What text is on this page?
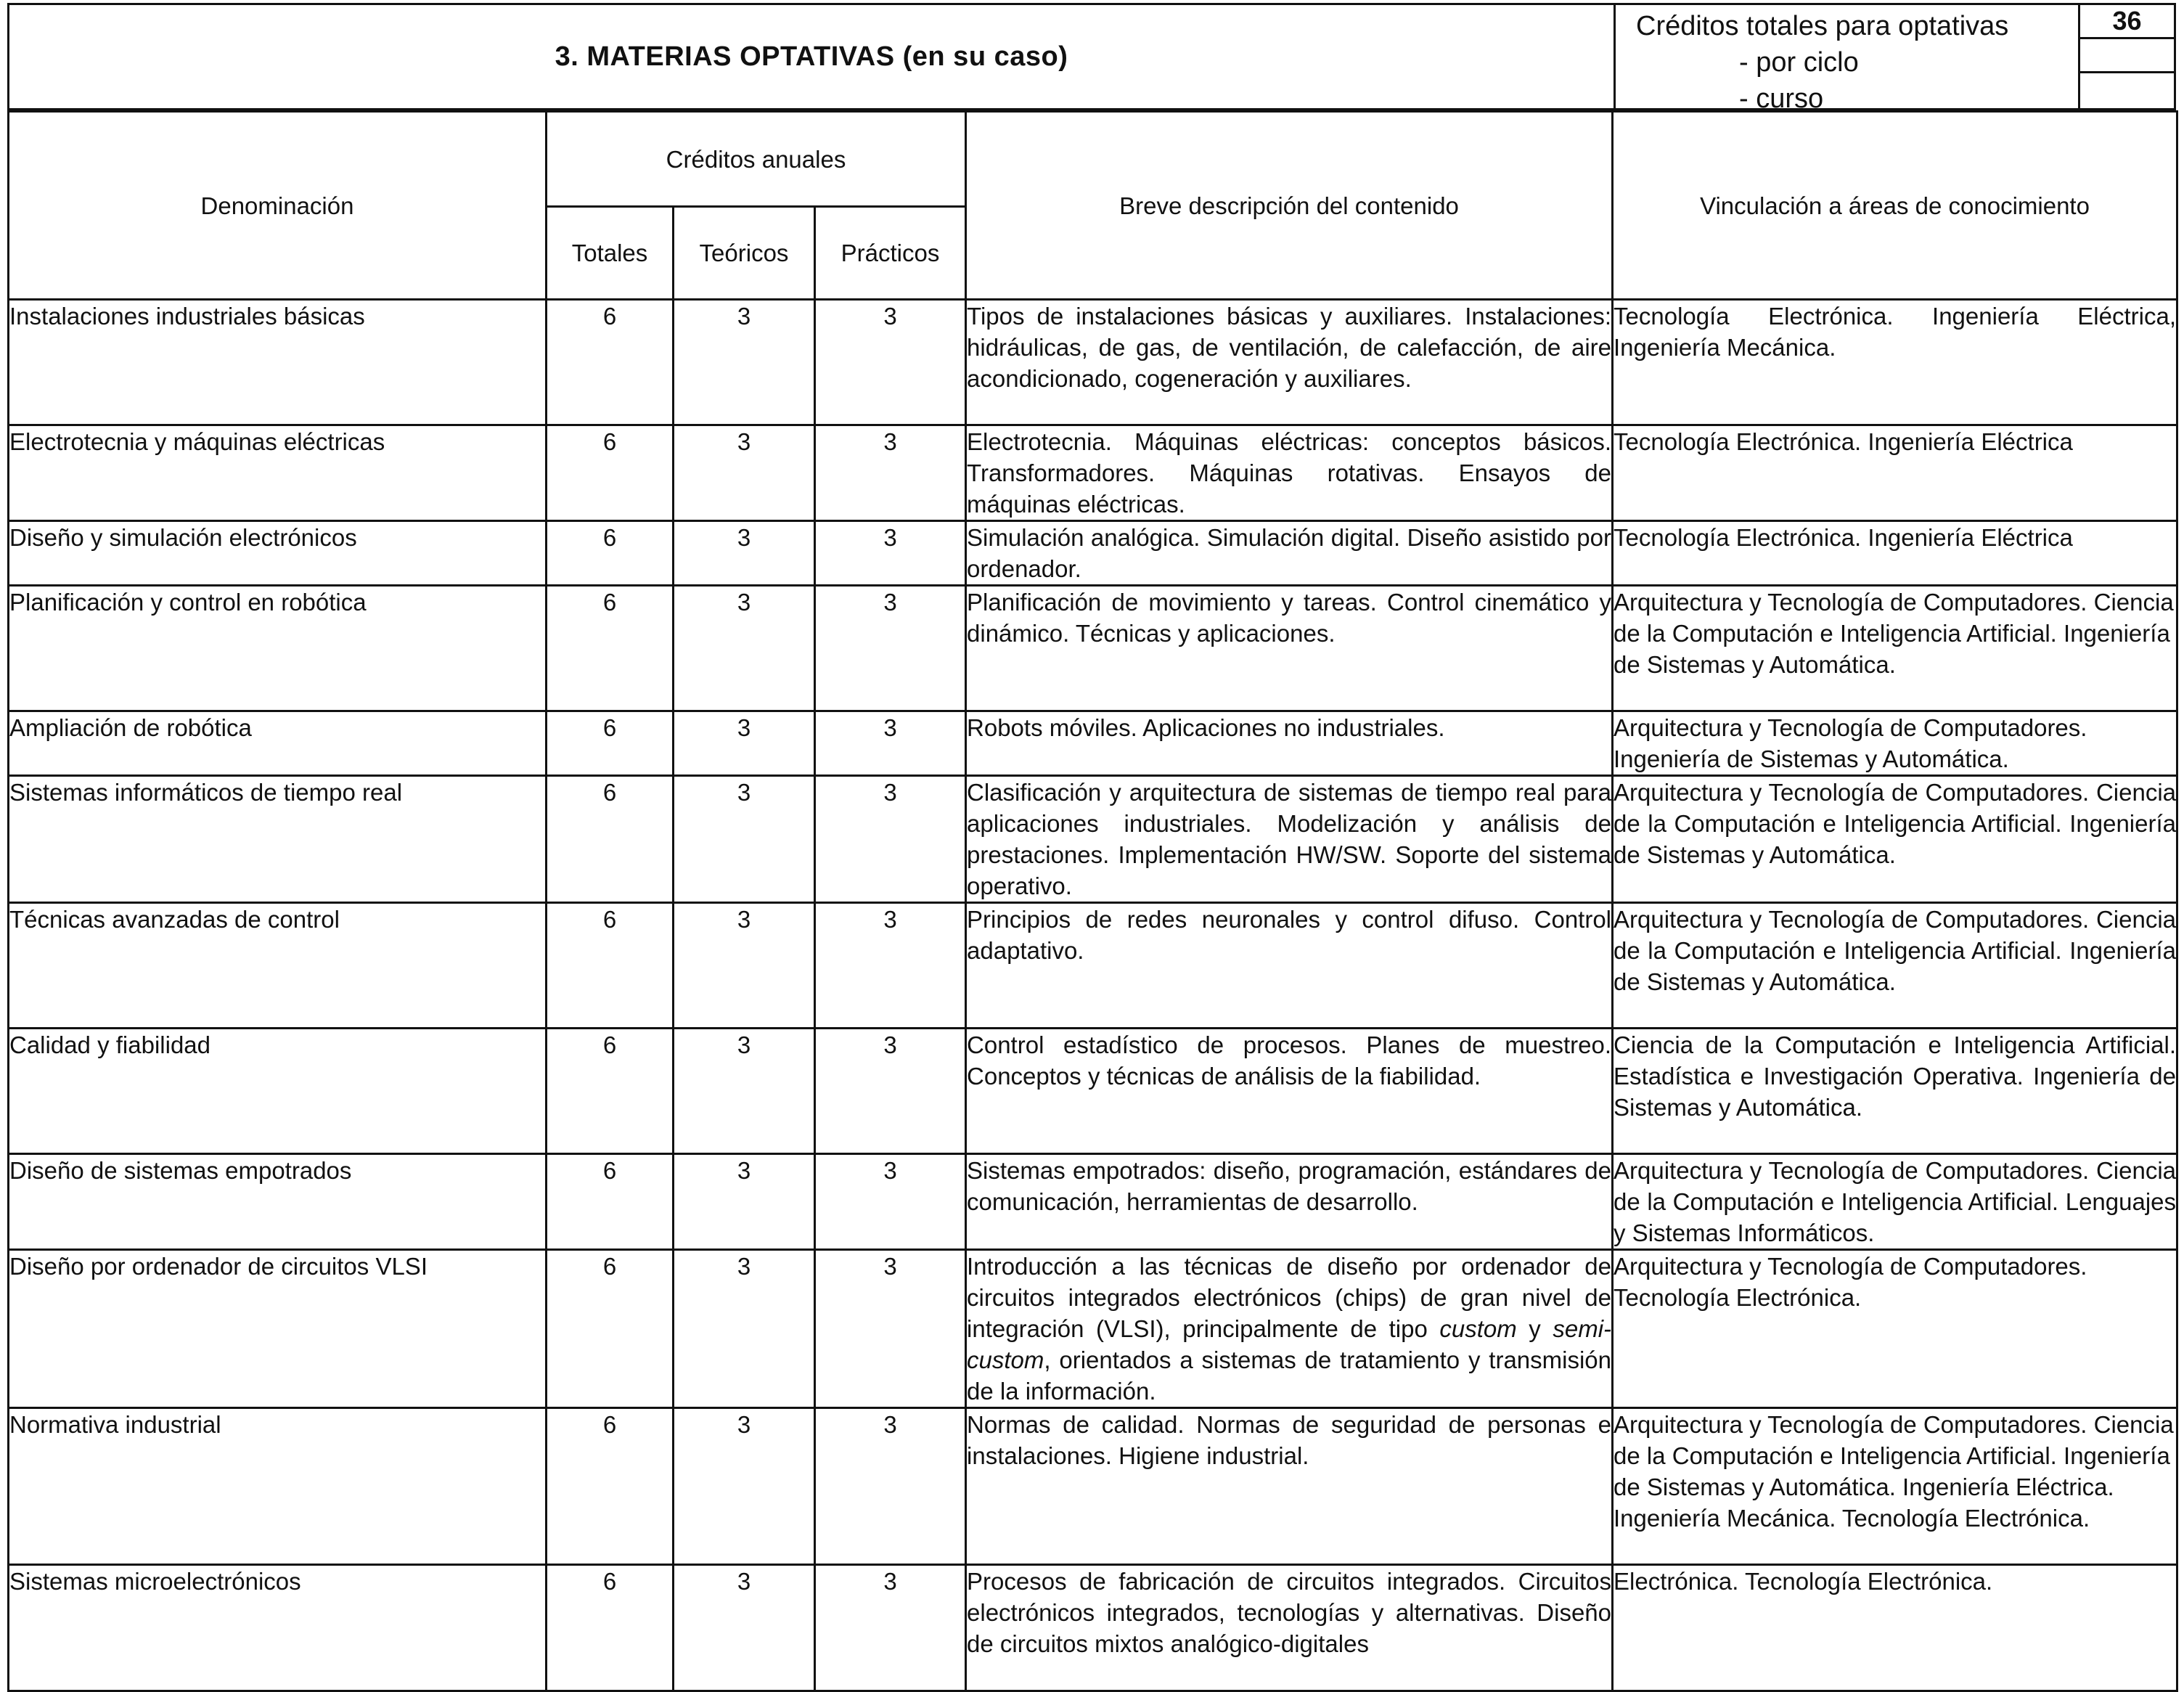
3. MATERIAS OPTATIVAS (en su caso)
Créditos totales para optativas
- por ciclo
- curso
36
Denominación	Créditos anuales			Breve descripción del contenido	Vinculación a áreas de conocimiento
	Totales	Teóricos	Prácticos		
Instalaciones industriales básicas	6	3	3	Tipos de instalaciones básicas y auxiliares. Instalaciones: hidráulicas, de gas, de ventilación, de calefacción, de aire acondicionado, cogeneración y auxiliares.	Tecnología Electrónica. Ingeniería Eléctrica, Ingeniería Mecánica.
Electrotecnia y máquinas eléctricas	6	3	3	Electrotecnia. Máquinas eléctricas: conceptos básicos. Transformadores. Máquinas rotativas. Ensayos de máquinas eléctricas.	Tecnología Electrónica. Ingeniería Eléctrica
Diseño y simulación electrónicos	6	3	3	Simulación analógica. Simulación digital. Diseño asistido por ordenador.	Tecnología Electrónica. Ingeniería Eléctrica
Planificación y control en robótica	6	3	3	Planificación de movimiento y tareas. Control cinemático y dinámico. Técnicas y aplicaciones.	Arquitectura y Tecnología de Computadores. Ciencia de la Computación e Inteligencia Artificial. Ingeniería de Sistemas y Automática.
Ampliación de robótica	6	3	3	Robots móviles. Aplicaciones no industriales.	Arquitectura y Tecnología de Computadores. Ingeniería de Sistemas y Automática.
Sistemas informáticos de tiempo real	6	3	3	Clasificación y arquitectura de sistemas de tiempo real para aplicaciones industriales. Modelización y análisis de prestaciones. Implementación HW/SW. Soporte del sistema operativo.	Arquitectura y Tecnología de Computadores. Ciencia de la Computación e Inteligencia Artificial. Ingeniería de Sistemas y Automática.
Técnicas avanzadas de control	6	3	3	Principios de redes neuronales y control difuso. Control adaptativo.	Arquitectura y Tecnología de Computadores. Ciencia de la Computación e Inteligencia Artificial. Ingeniería de Sistemas y Automática.
Calidad y fiabilidad	6	3	3	Control estadístico de procesos. Planes de muestreo. Conceptos y técnicas de análisis de la fiabilidad.	Ciencia de la Computación e Inteligencia Artificial. Estadística e Investigación Operativa. Ingeniería de Sistemas y Automática.
Diseño de sistemas empotrados	6	3	3	Sistemas empotrados: diseño, programación, estándares de comunicación, herramientas de desarrollo.	Arquitectura y Tecnología de Computadores. Ciencia de la Computación e Inteligencia Artificial. Lenguajes y Sistemas Informáticos.
Diseño por ordenador de circuitos VLSI	6	3	3	Introducción a las técnicas de diseño por ordenador de circuitos integrados electrónicos (chips) de gran nivel de integración (VLSI), principalmente de tipo custom y semi-custom, orientados a sistemas de tratamiento y transmisión de la información.	Arquitectura y Tecnología de Computadores. Tecnología Electrónica.
Normativa industrial	6	3	3	Normas de calidad. Normas de seguridad de personas e instalaciones. Higiene industrial.	Arquitectura y Tecnología de Computadores. Ciencia de la Computación e Inteligencia Artificial. Ingeniería de Sistemas y Automática. Ingeniería Eléctrica. Ingeniería Mecánica. Tecnología Electrónica.
Sistemas microelectrónicos	6	3	3	Procesos de fabricación de circuitos integrados. Circuitos electrónicos integrados, tecnologías y alternativas. Diseño de circuitos mixtos analógico-digitales	Electrónica. Tecnología Electrónica.
